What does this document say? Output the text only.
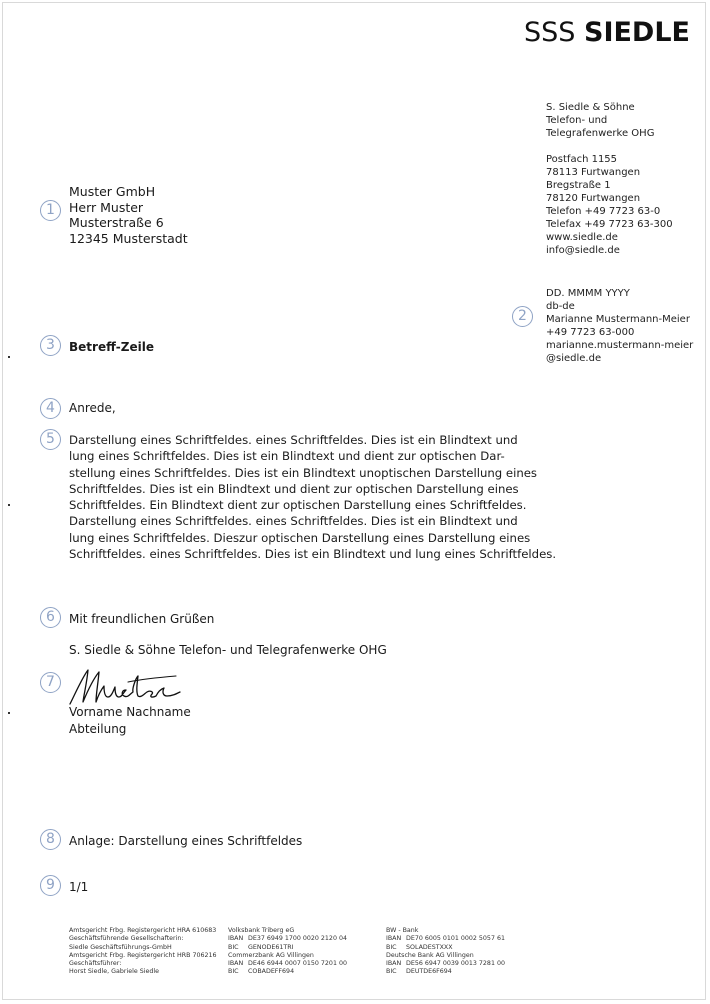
SSS SIEDLE
S. Siedle & Söhne
Telefon- und
Telegrafenwerke OHG
Postfach 1155
78113 Furtwangen
Bregstraße 1
78120 Furtwangen
Telefon +49 7723 63-0
Telefax +49 7723 63-300
www.siedle.de
info@siedle.de
DD. MMMM YYYY
db-de
Marianne Mustermann-Meier
+49 7723 63-000
marianne.mustermann-meier
@siedle.de
1
2
3
4
5
6
7
8
9
Muster GmbH
Herr Muster
Musterstraße 6
12345 Musterstadt
Betreff-Zeile
Anrede,
Darstellung eines Schriftfeldes. eines Schriftfeldes. Dies ist ein Blindtext und
lung eines Schriftfeldes. Dies ist ein Blindtext und dient zur optischen Dar-
stellung eines Schriftfeldes. Dies ist ein Blindtext unoptischen Darstellung eines
Schriftfeldes. Dies ist ein Blindtext und dient zur optischen Darstellung eines
Schriftfeldes. Ein Blindtext dient zur optischen Darstellung eines Schriftfeldes.
Darstellung eines Schriftfeldes. eines Schriftfeldes. Dies ist ein Blindtext und
lung eines Schriftfeldes. Dieszur optischen Darstellung eines Darstellung eines
Schriftfeldes. eines Schriftfeldes. Dies ist ein Blindtext und lung eines Schriftfeldes.
Mit freundlichen Grüßen
S. Siedle & Söhne Telefon- und Telegrafenwerke OHG
Vorname Nachname
Abteilung
Anlage: Darstellung eines Schriftfeldes
1/1
Amtsgericht Frbg. Registergericht HRA 610683
Geschäftsführende Gesellschafterin:
Siedle Geschäftsführungs-GmbH
Amtsgericht Frbg. Registergericht HRB 706216
Geschäftsführer:
Horst Siedle, Gabriele Siedle
Volksbank Triberg eG
IBAN DE37 6949 1700 0020 2120 04
BIC	GENODE61TRI
Commerzbank AG Villingen
IBAN DE46 6944 0007 0150 7201 00
BIC	COBADEFF694
BW - Bank
IBAN DE70 6005 0101 0002 5057 61
BIC	SOLADESTXXX
Deutsche Bank AG Villingen
IBAN DE56 6947 0039 0013 7281 00
BIC	DEUTDE6F694
